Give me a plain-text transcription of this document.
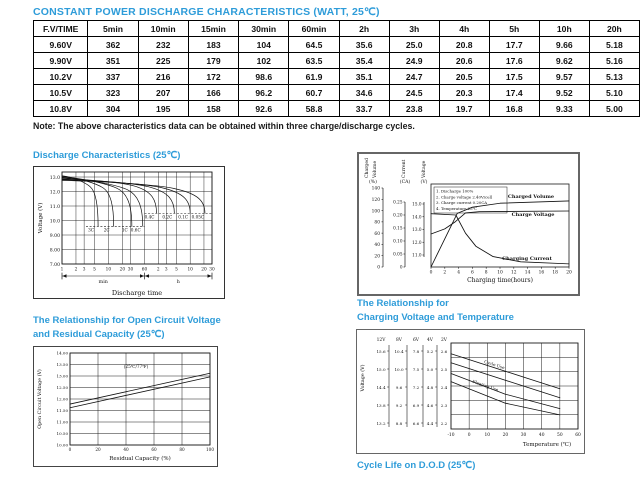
CONSTANT POWER DISCHARGE CHARACTERISTICS (WATT, 25℃)
F.V/TIME	5min	10min	15min	30min	60min	2h	3h	4h	5h	10h	20h
9.60V	362	232	183	104	64.5	35.6	25.0	20.8	17.7	9.66	5.18
9.90V	351	225	179	102	63.5	35.4	24.9	20.6	17.6	9.62	5.16
10.2V	337	216	172	98.6	61.9	35.1	24.7	20.5	17.5	9.57	5.13
10.5V	323	207	166	96.2	60.7	34.6	24.5	20.3	17.4	9.52	5.10
10.8V	304	195	158	92.6	58.8	33.7	23.8	19.7	16.8	9.33	5.00
Note: The above characteristics data can be obtained within three charge/discharge cycles.
Discharge Characteristics (25℃)
13.0
12.0
11.0
10.0
9.00
8.00
7.00
1	2 3 5 10 20 30 60 2 3 5 10 20 30
Voltage (V)	3C 2C	1C 0.6C
0.4C 0.2C 0.1C 0.05C
min	h
Discharge time
Charged Volume	Current	Voltage
(%)	(CA) (V)
140
120
100
80
60
40
20
0
0.25
0.20
0.15
0.10
0.05
0
15.0
14.0
13.0
12.0
11.0
0	2	4	6	8 10 12 14 16 18 20
Charging time(hours)
1. Discharge 100%
2. Charge voltage 2.40V/cell
3. Charge current 0.20CA
4. Temperature 25℃
Charged Volume
Charge Voltage
Charging Current
The Relationship for Open Circuit Voltage
and Residual Capacity (25℃)
14.00
13.50
13.00
12.50
12.00
11.50
11.00
10.50
10.00
0	20	40	60	80	100
Residual Capacity (%)
Open Circuit Voltage (V)
(25℃/77℉)
The Relationship for
Charging Voltage and Temperature
Voltage (V)
12V 8V	6V 4V 2V
15.6 10.4 7.8 5.2 2.6
15.0 10.0 7.5 5.0 2.5
14.4 9.6	7.2 4.8 2.4
13.8 9.2	6.9 4.6 2.3
13.2 8.8	6.6 4.4 2.2
-10	0	10	20	30	40	50	60
Temperature (℃)
Cycle Use
Floating Use
Cycle Life on D.O.D (25℃)
